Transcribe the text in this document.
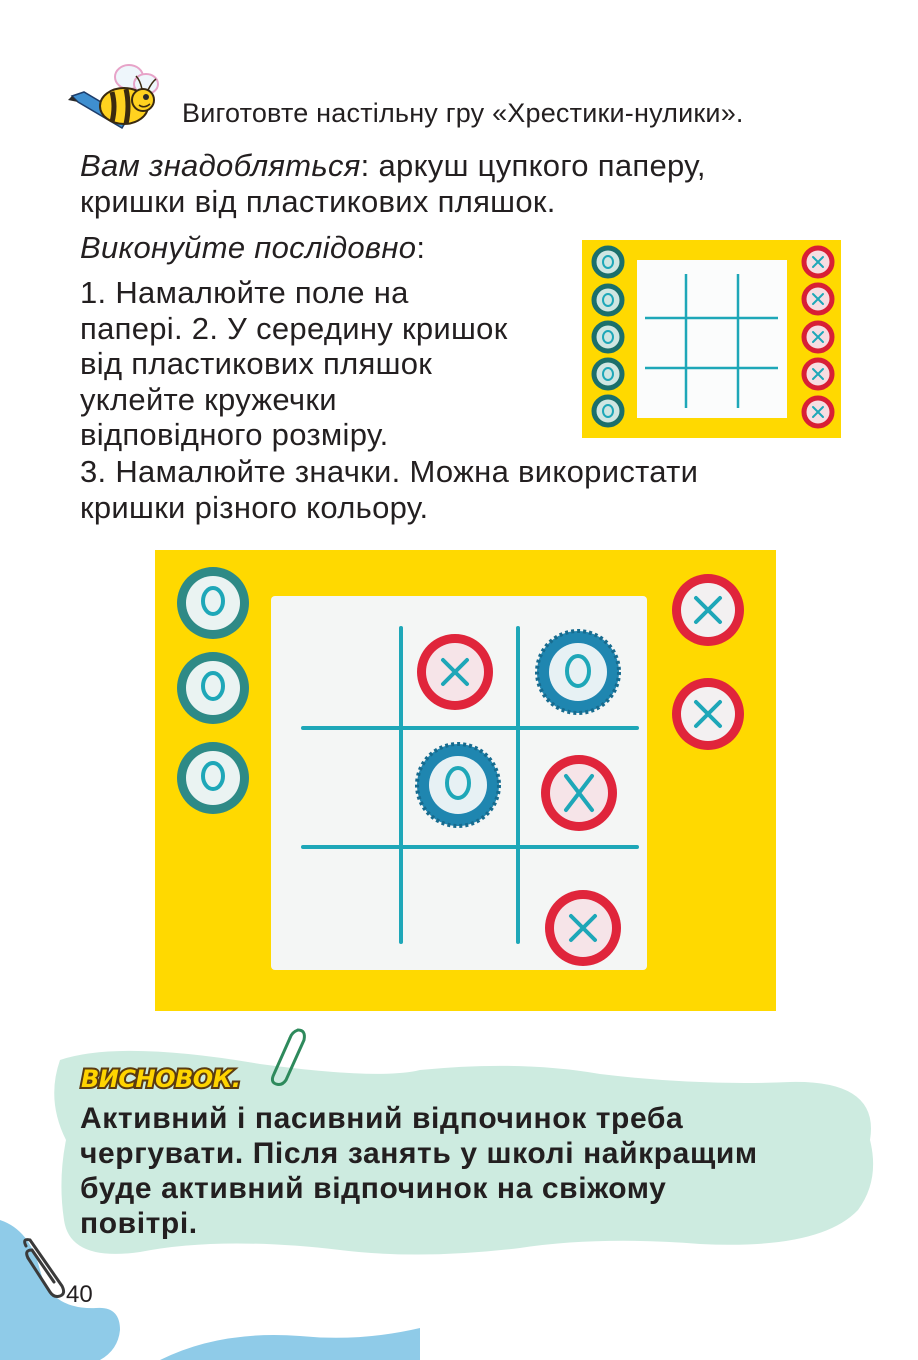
Виготовте настільну гру «Хрестики-нулики».
Вам знадобляться: аркуш цупкого паперу,
кришки від пластикових пляшок.
Виконуйте послідовно:
1. Намалюйте поле на
папері. 2. У середину кришок
від пластикових пляшок
уклейте кружечки
відповідного розміру.
3. Намалюйте значки. Можна використати
кришки різного кольору.
ВИСНОВОК.
Активний і пасивний відпочинок треба
чергувати. Після занять у школі найкращим
буде активний відпочинок на свіжому
повітрі.
40
